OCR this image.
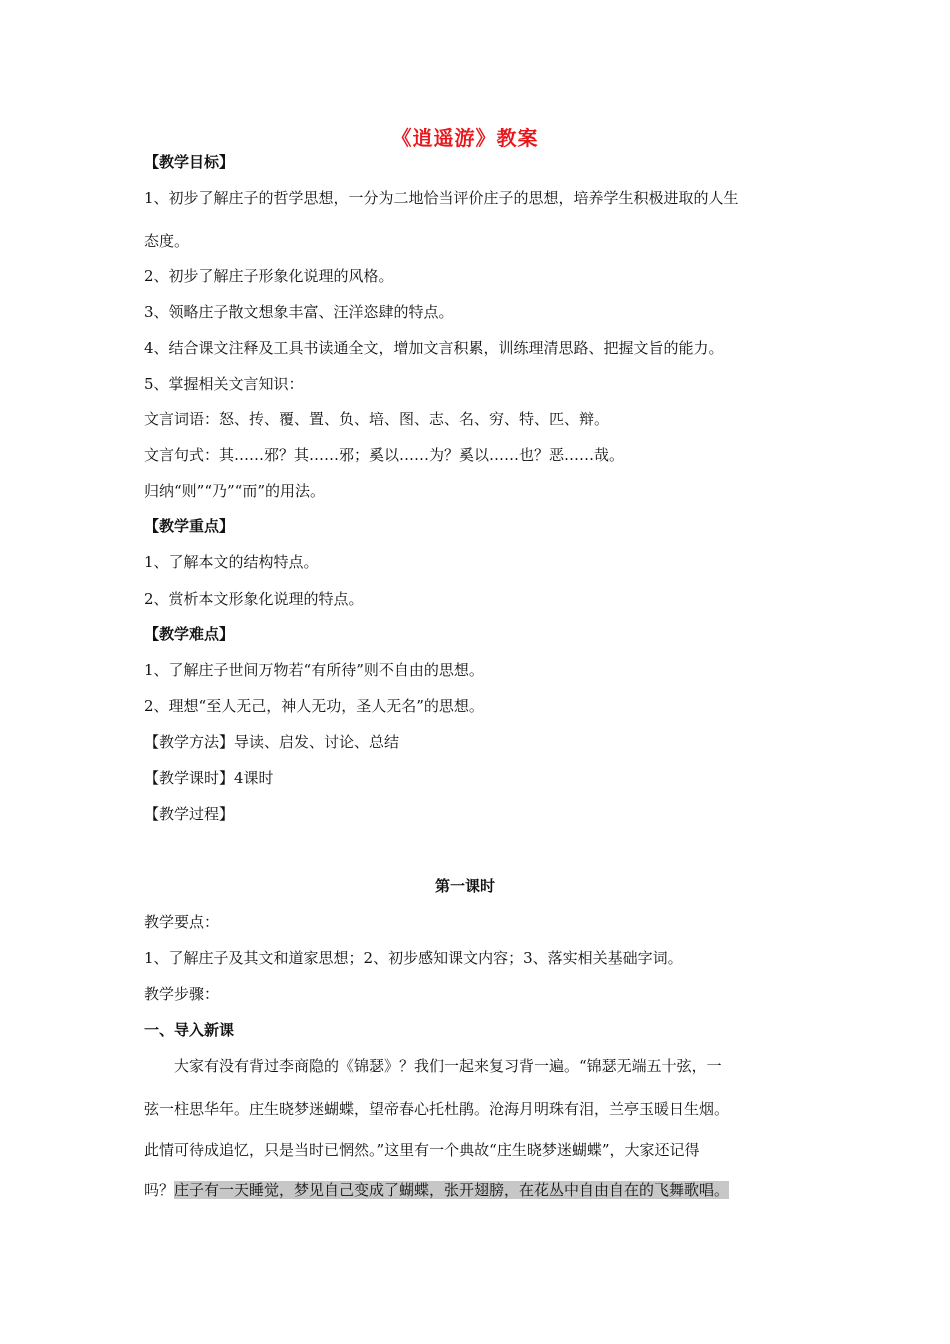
《逍遥游》教案
【教学目标】
1、初步了解庄子的哲学思想，一分为二地恰当评价庄子的思想，培养学生积极进取的人生
态度。
2、初步了解庄子形象化说理的风格。
3、领略庄子散文想象丰富、汪洋恣肆的特点。
4、结合课文注释及工具书读通全文，增加文言积累，训练理清思路、把握文旨的能力。
5、掌握相关文言知识：
文言词语：怒、抟、覆、置、负、培、图、志、名、穷、特、匹、辩。
文言句式：其……邪？其……邪；奚以……为？奚以……也？恶……哉。
归纳“则”“乃”“而”的用法。
【教学重点】
1、了解本文的结构特点。
2、赏析本文形象化说理的特点。
【教学难点】
1、了解庄子世间万物若“有所待”则不自由的思想。
2、理想“至人无己，神人无功，圣人无名”的思想。
【教学方法】导读、启发、讨论、总结
【教学课时】4课时
【教学过程】
第一课时
教学要点：
1、了解庄子及其文和道家思想；2、初步感知课文内容；3、落实相关基础字词。
教学步骤：
一、导入新课
大家有没有背过李商隐的《锦瑟》？我们一起来复习背一遍。“锦瑟无端五十弦，一
弦一柱思华年。庄生晓梦迷蝴蝶，望帝春心托杜鹃。沧海月明珠有泪，兰亭玉暖日生烟。
此情可待成追忆，只是当时已惘然。”这里有一个典故“庄生晓梦迷蝴蝶”，大家还记得
吗？庄子有一天睡觉，梦见自己变成了蝴蝶，张开翅膀，在花丛中自由自在的飞舞歌唱。
